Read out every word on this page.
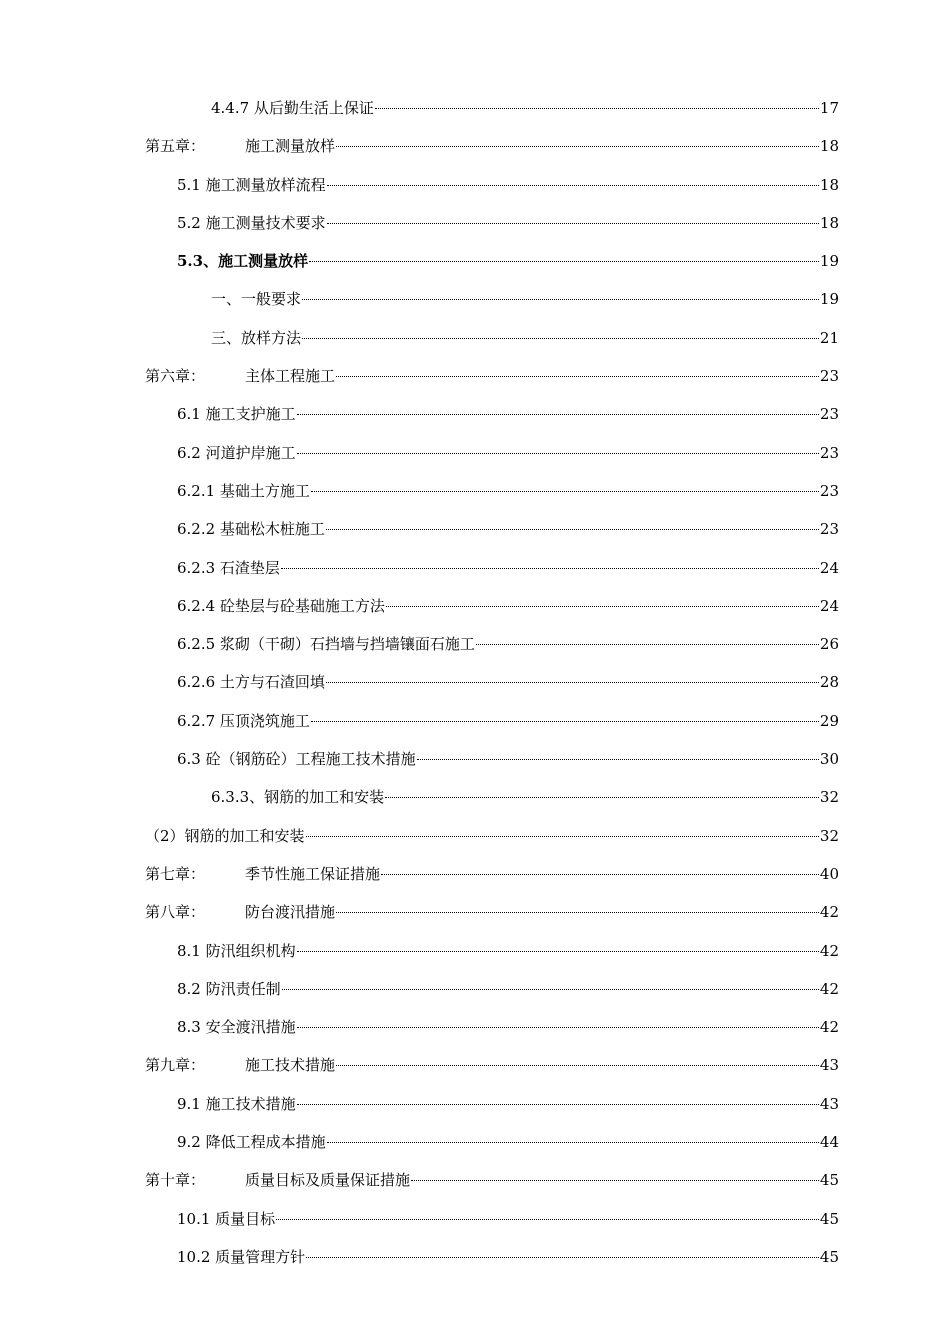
4.4.7 从后勤生活上保证	17
第五章：	施工测量放样	18
5.1 施工测量放样流程	18
5.2 施工测量技术要求	18
5.3、施工测量放样	19
一、一般要求	19
三、放样方法	21
第六章：	主体工程施工	23
6.1 施工支护施工	23
6.2 河道护岸施工	23
6.2.1 基础土方施工	23
6.2.2 基础松木桩施工	23
6.2.3 石渣垫层	24
6.2.4 砼垫层与砼基础施工方法	24
6.2.5 浆砌（干砌）石挡墙与挡墙镶面石施工	26
6.2.6 土方与石渣回填	28
6.2.7 压顶浇筑施工	29
6.3 砼（钢筋砼）工程施工技术措施	30
6.3.3、钢筋的加工和安装	32
（2）钢筋的加工和安装	32
第七章：	季节性施工保证措施	40
第八章：	防台渡汛措施	42
8.1 防汛组织机构	42
8.2 防汛责任制	42
8.3 安全渡汛措施	42
第九章：	施工技术措施	43
9.1 施工技术措施	43
9.2 降低工程成本措施	44
第十章：	质量目标及质量保证措施	45
10.1 质量目标	45
10.2 质量管理方针	45
